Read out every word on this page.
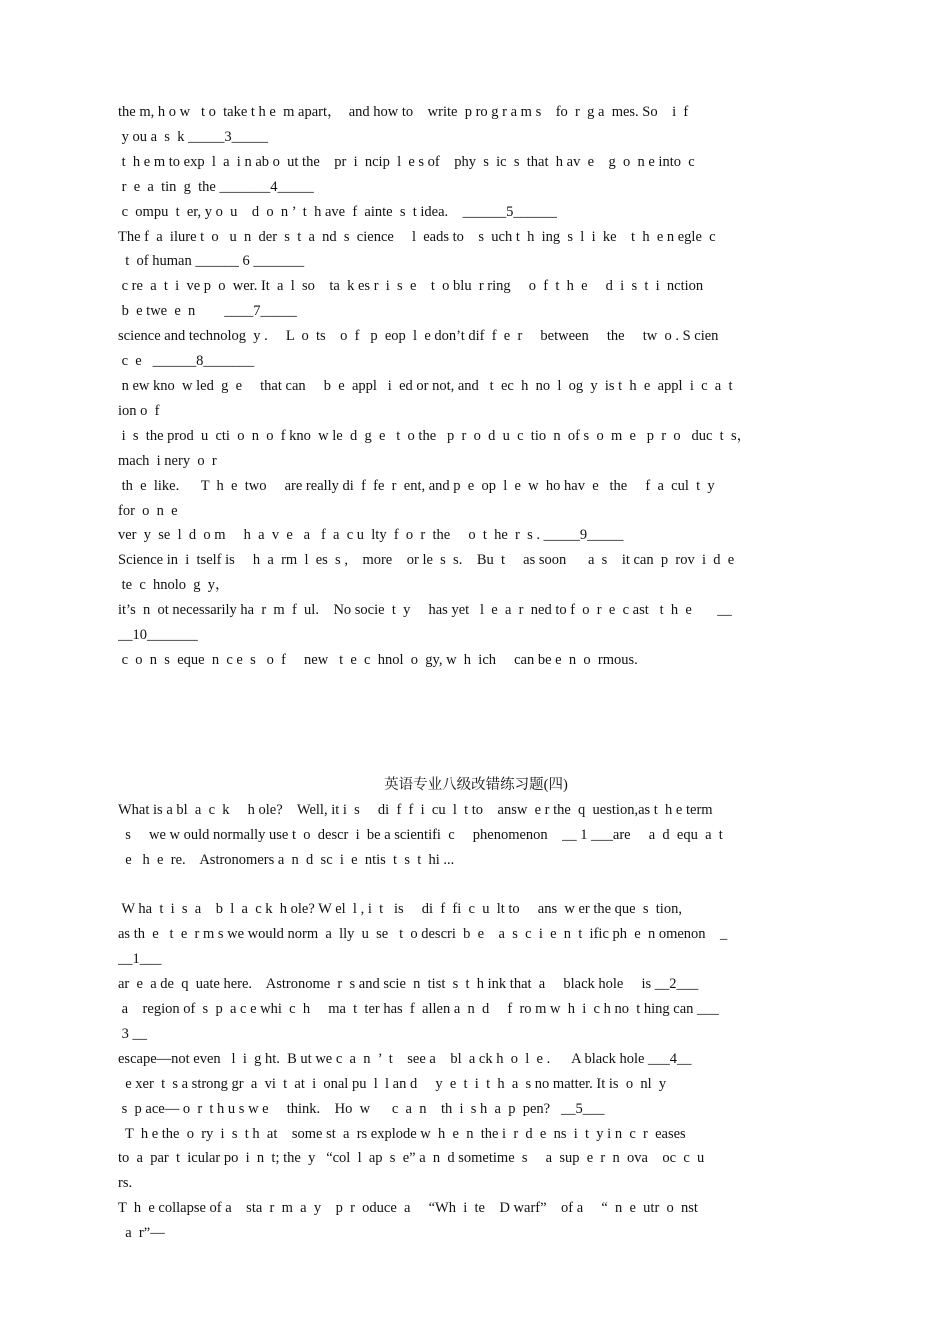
the m, h o w   t o  take t h e  m apart，  and how to    write  p ro g r a m s    fo  r  g a  mes. So    i  f

y ou a  s  k _____3_____

t  h e m to exp  l  a  i n ab o  ut the    pr  i  ncip  l  e s of    phy  s  ic  s  that  h av  e    g  o  n e into  c

r  e  a  tin  g  the _______4_____

c  ompu  t  er, y o  u    d  o  n ’  t  h ave  f  ainte  s  t idea.    ______5______

The f  a  ilure t  o   u  n  der  s  t  a  nd  s  cience     l  eads to    s  uch t  h  ing  s  l  i  ke    t  h  e n egle  c

t  of human ______ 6 _______

c re  a  t  i  ve p  o  wer. It  a  l  so    ta  k es r  i  s  e    t  o blu  r ring     o  f  t  h  e     d  i  s  t  i  nction

b  e twe  e  n        ____7_____

science and technolog  y .     L  o  ts    o  f   p  eop  l  e don’t dif  f  e  r     between     the     tw  o . S cien

c  e   ______8_______

n ew kno  w led  g  e     that can     b  e  appl   i  ed or not, and   t  ec  h  no  l  og  y  is t  h  e  appl  i  c  a  t

ion o  f

i  s  the prod  u  cti  o  n  o  f kno  w le  d  g  e   t  o the   p  r  o  d  u  c  tio  n  of s  o  m  e   p  r  o   duc  t  s，

mach  i nery  o  r

th  e  like.      T  h  e  two     are really di  f  fe  r  ent, and p  e  op  l  e  w  ho hav  e   the     f  a  cul  t  y

for  o  n  e

ver  y  se  l  d  o m     h  a  v  e   a   f  a  c u  lty  f  o  r  the     o  t  he  r  s . _____9_____

Science in  i  tself is     h  a  rm  l  es  s ,    more    or le  s  s.    Bu  t     as soon      a  s    it can  p  rov  i  d  e

te  c  hnolo  g  y，

it’s  n  ot necessarily ha  r  m  f  ul.    No socie  t  y     has yet   l  e  a  r  ned to f  o  r  e  c ast   t  h  e       __

__10_______

c  o  n  s  eque  n  c e  s   o  f     new   t  e  c  hnol  o  gy, w  h  ich     can be e  n  o  rmous.

英语专业八级改错练习题(四)

What is a bl  a  c  k     h ole?    Well, it i  s     di  f  f  i  cu  l  t to    answ  e r the  q  uestion,as t  h e term

s     we w ould normally use t  o  descr  i  be a scientifi  c     phenomenon    __ 1 ___are     a  d  equ  a  t

e   h  e  re.    Astronomers a  n  d  sc  i  e  ntis  t  s  t  hi ...

W ha  t  i  s  a    b  l  a  c k  h ole? W el  l , i  t   is     di  f  fi  c  u  lt to     ans  w er the que  s  tion,

as th  e   t  e  r m s we would norm  a  lly  u  se   t  o descri  b  e    a  s  c  i  e  n  t  ific ph  e  n omenon    _

__1___

ar  e  a de  q  uate here.    Astronome  r  s and scie  n  tist  s  t  h ink that  a     black hole     is __2___

a    region of  s  p  a c e whi  c  h     ma  t  ter has  f  allen a  n  d     f  ro m w  h  i  c h no  t hing can ___

3 __

escape—not even   l  i  g ht.  B ut we c  a  n  ’  t    see a    bl  a ck h  o  l  e .      A black hole ___4__

e xer  t  s a strong gr  a  vi  t  at  i  onal pu  l  l an d     y  e  t  i  t  h  a  s no matter. It is  o  nl  y

s  p ace— o  r  t h u s w e     think.    Ho  w      c  a  n    th  i  s h  a  p  pen?   __5___

T  h e the  o  ry  i  s  t h  at    some st  a  rs explode w  h  e  n  the i  r  d  e  ns  i  t  y i n  c  r  eases

to  a  par  t  icular po  i  n  t; the  y   “col  l  ap  s  e” a  n  d sometime  s     a  sup  e  r  n  ova    oc  c  u

rs.

T  h  e collapse of a    sta  r  m  a  y    p  r  oduce  a     “Wh  i  te    D warf”    of a     “  n  e  utr  o  nst

a  r”—
